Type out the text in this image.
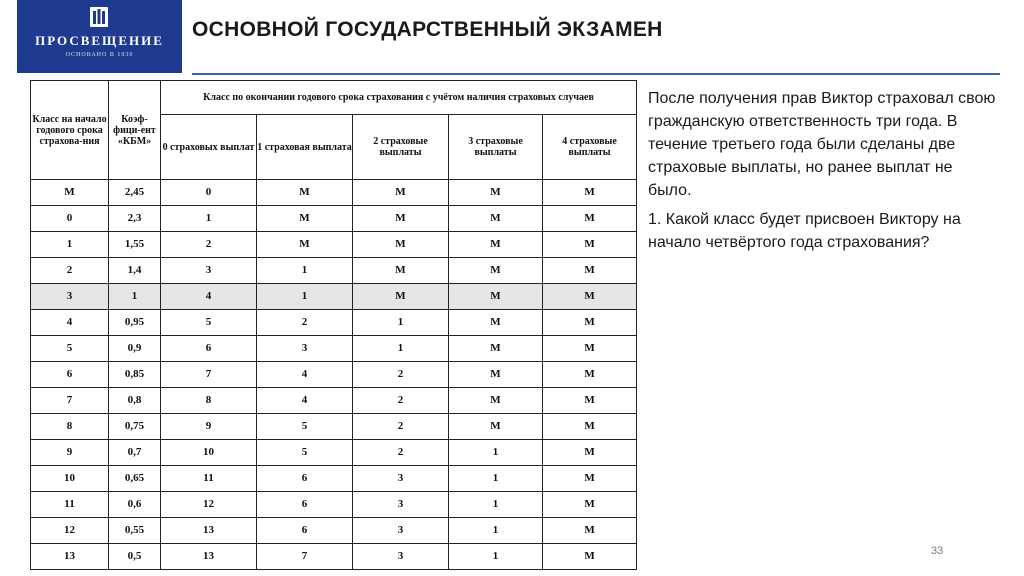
ПРОСВЕЩЕНИЕ
ОСНОВАНО В 1930
ОСНОВНОЙ ГОСУДАРСТВЕННЫЙ ЭКЗАМЕН
Класс на начало годового срока страхова-ния	Коэф-фици-ент «КБМ»	Класс по окончании годового срока страхования с учётом наличия страховых случаев				
		0 страховых выплат	1 страховая выплата	2 страховые выплаты	3 страховые выплаты	4 страховые выплаты
М	2,45	0	М	М	М	М
0	2,3	1	М	М	М	М
1	1,55	2	М	М	М	М
2	1,4	3	1	М	М	М
3	1	4	1	М	М	М
4	0,95	5	2	1	М	М
5	0,9	6	3	1	М	М
6	0,85	7	4	2	М	М
7	0,8	8	4	2	М	М
8	0,75	9	5	2	М	М
9	0,7	10	5	2	1	М
10	0,65	11	6	3	1	М
11	0,6	12	6	3	1	М
12	0,55	13	6	3	1	М
13	0,5	13	7	3	1	М

После получения прав Виктор страховал свою гражданскую ответственность три года. В течение третьего года были сделаны две страховые выплаты, но ранее выплат не было.

1. Какой класс будет присвоен Виктору на начало четвёртого года страхования?

33
